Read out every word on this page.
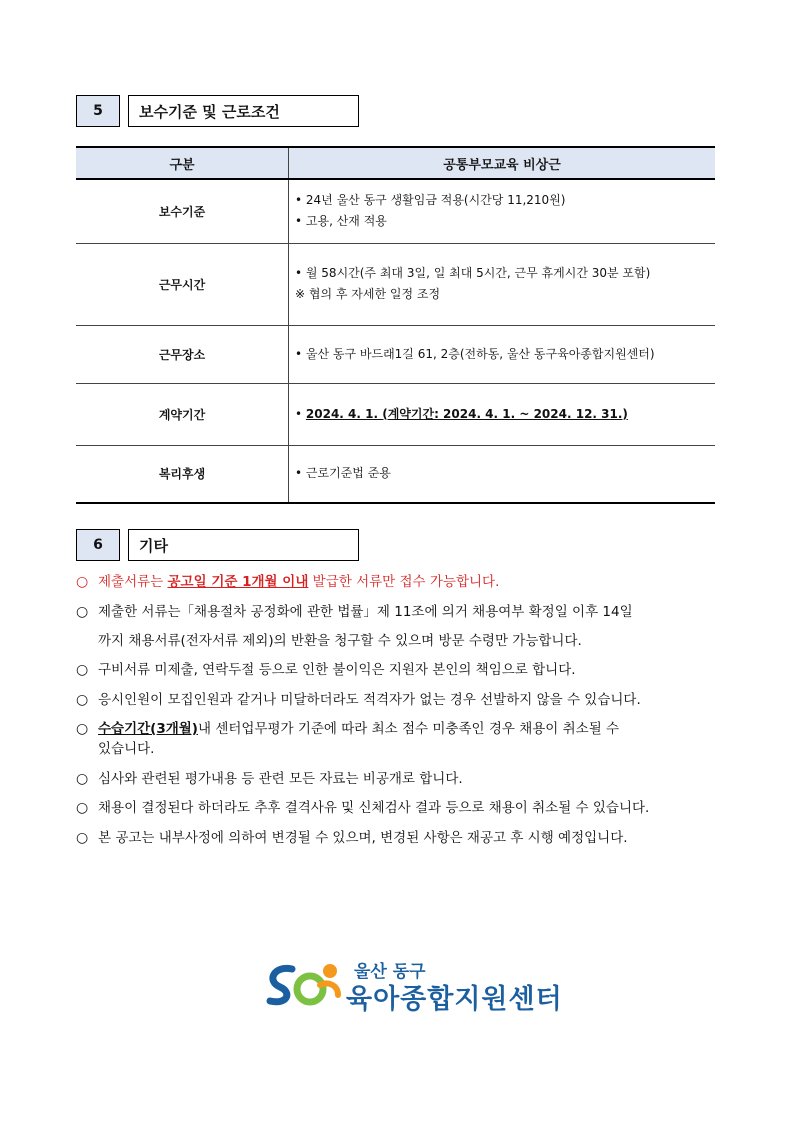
5	보수기준 및 근로조건
구분	공통부모교육 비상근
보수기준	• 24년 울산 동구 생활임금 적용(시간당 11,210원)
• 고용, 산재 적용

근무시간	• 월 58시간(주 최대 3일, 일 최대 5시간, 근무 휴게시간 30분 포함)
※ 협의 후 자세한 일정 조정

근무장소	• 울산 동구 바드래1길 61, 2층(전하동, 울산 동구육아종합지원센터)

계약기간	• 2024. 4. 1. (계약기간: 2024. 4. 1. ~ 2024. 12. 31.)

복리후생	• 근로기준법 준용
6	기타
○ 제출서류는 공고일 기준 1개월 이내 발급한 서류만 접수 가능합니다.
○ 제출한 서류는「채용절차 공정화에 관한 법률」제 11조에 의거 채용여부 확정일 이후 14일
까지 채용서류(전자서류 제외)의 반환을 청구할 수 있으며 방문 수령만 가능합니다.
○ 구비서류 미제출, 연락두절 등으로 인한 불이익은 지원자 본인의 책임으로 합니다.
○ 응시인원이 모집인원과 같거나 미달하더라도 적격자가 없는 경우 선발하지 않을 수 있습니다.
○ 수습기간(3개월)내 센터업무평가 기준에 따라 최소 점수 미충족인 경우 채용이 취소될 수
있습니다.
○ 심사와 관련된 평가내용 등 관련 모든 자료는 비공개로 합니다.
○ 채용이 결정된다 하더라도 추후 결격사유 및 신체검사 결과 등으로 채용이 취소될 수 있습니다.
○ 본 공고는 내부사정에 의하여 변경될 수 있으며, 변경된 사항은 재공고 후 시행 예정입니다.
울산 동구
육아종합지원센터
